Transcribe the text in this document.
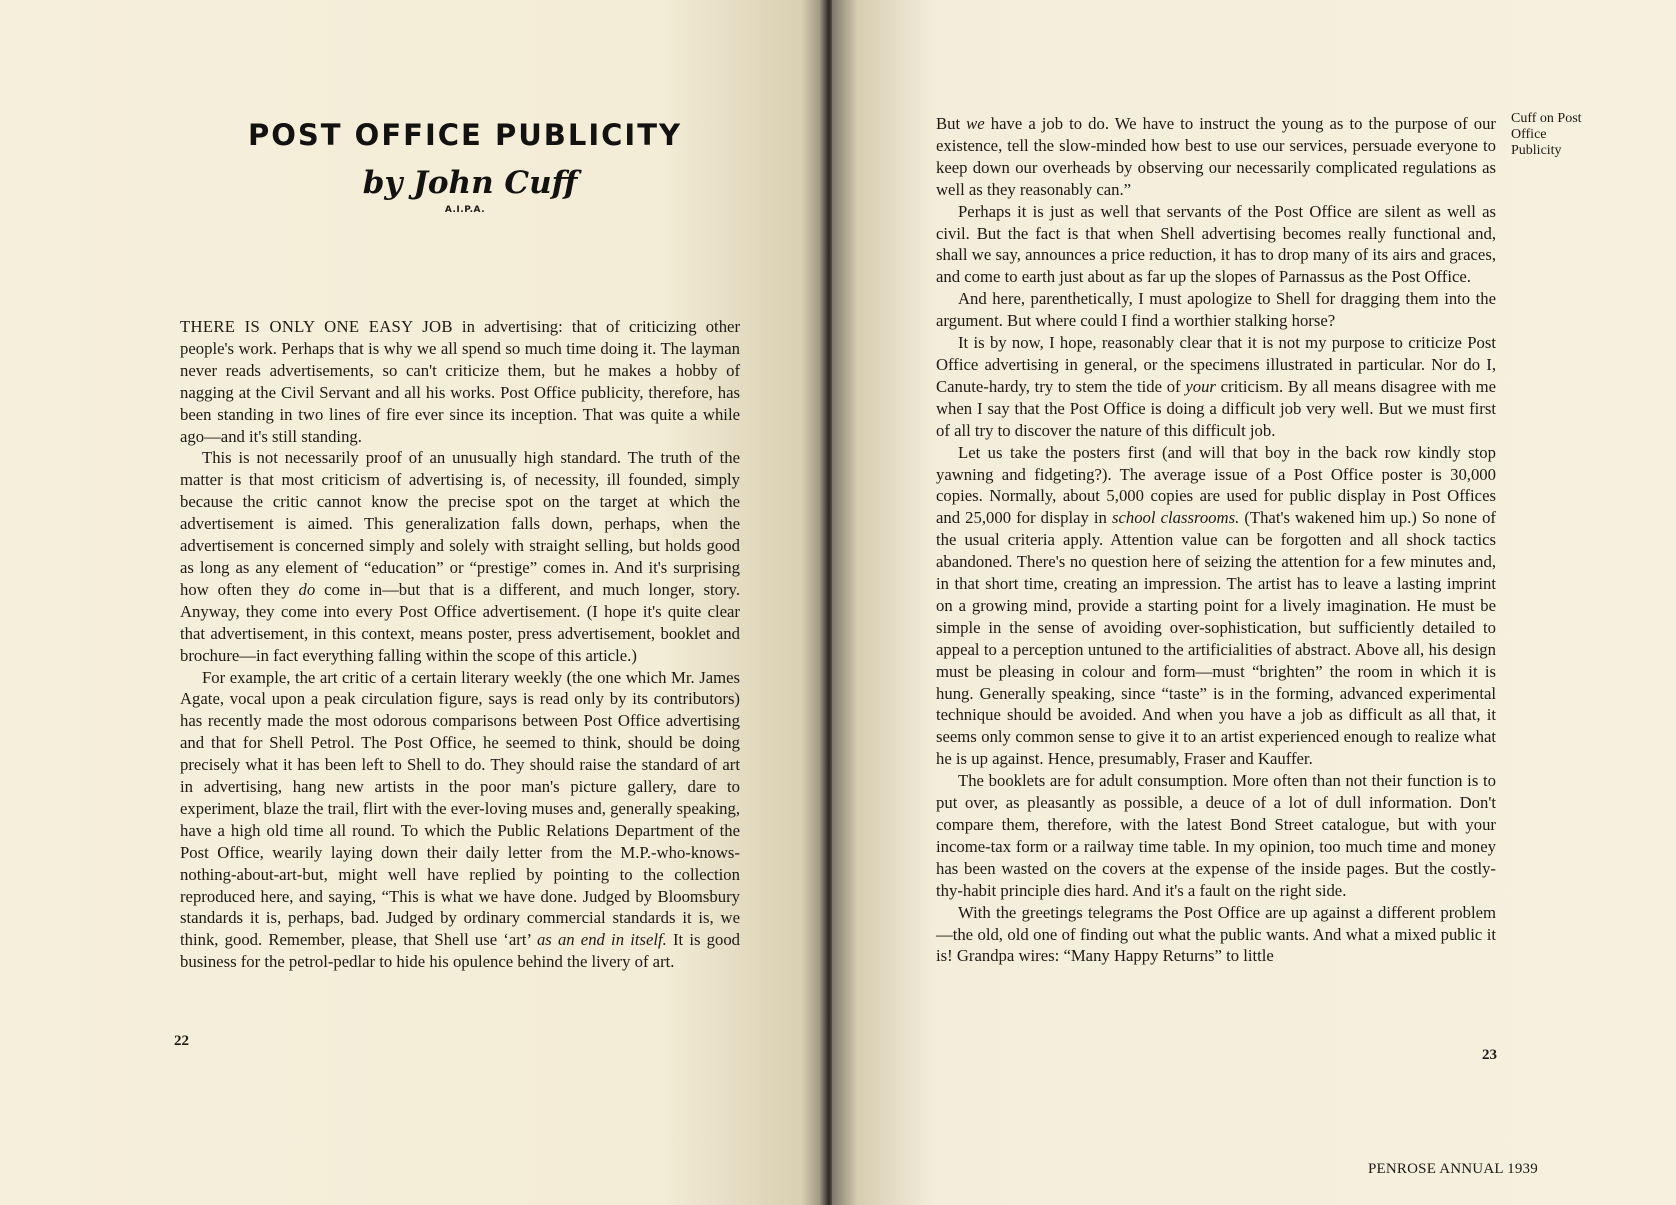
POST OFFICE PUBLICITY
by John Cuff
A.I.P.A.

THERE IS ONLY ONE EASY JOB in advertising: that of criticizing other people's work. Perhaps that is why we all spend so much time doing it. The layman never reads advertisements, so can't criticize them, but he makes a hobby of nagging at the Civil Servant and all his works. Post Office publicity, therefore, has been standing in two lines of fire ever since its inception. That was quite a while ago—and it's still standing.

This is not necessarily proof of an unusually high standard. The truth of the matter is that most criticism of advertising is, of necessity, ill founded, simply because the critic cannot know the precise spot on the target at which the advertisement is aimed. This generalization falls down, perhaps, when the advertisement is concerned simply and solely with straight selling, but holds good as long as any element of “education” or “prestige” comes in. And it's surprising how often they do come in—but that is a different, and much longer, story. Anyway, they come into every Post Office advertisement. (I hope it's quite clear that advertisement, in this context, means poster, press advertisement, booklet and brochure—in fact everything falling within the scope of this article.)

For example, the art critic of a certain literary weekly (the one which Mr. James Agate, vocal upon a peak circulation figure, says is read only by its contributors) has recently made the most odorous comparisons between Post Office advertising and that for Shell Petrol. The Post Office, he seemed to think, should be doing precisely what it has been left to Shell to do. They should raise the standard of art in advertising, hang new artists in the poor man's picture gallery, dare to experiment, blaze the trail, flirt with the ever-loving muses and, generally speaking, have a high old time all round. To which the Public Relations Department of the Post Office, wearily laying down their daily letter from the M.P.-who-knows-nothing-about-art-but, might well have replied by pointing to the collection reproduced here, and saying, “This is what we have done. Judged by Bloomsbury standards it is, perhaps, bad. Judged by ordinary commercial standards it is, we think, good. Remember, please, that Shell use ‘art’ as an end in itself. It is good business for the petrol-pedlar to hide his opulence behind the livery of art.

22
Cuff on Post Office Publicity

But we have a job to do. We have to instruct the young as to the purpose of our existence, tell the slow-minded how best to use our services, persuade everyone to keep down our overheads by observing our necessarily complicated regulations as well as they reasonably can.”

Perhaps it is just as well that servants of the Post Office are silent as well as civil. But the fact is that when Shell advertising becomes really functional and, shall we say, announces a price reduction, it has to drop many of its airs and graces, and come to earth just about as far up the slopes of Parnassus as the Post Office.

And here, parenthetically, I must apologize to Shell for dragging them into the argument. But where could I find a worthier stalking horse?

It is by now, I hope, reasonably clear that it is not my purpose to criticize Post Office advertising in general, or the specimens illustrated in particular. Nor do I, Canute-hardy, try to stem the tide of your criticism. By all means disagree with me when I say that the Post Office is doing a difficult job very well. But we must first of all try to discover the nature of this difficult job.

Let us take the posters first (and will that boy in the back row kindly stop yawning and fidgeting?). The average issue of a Post Office poster is 30,000 copies. Normally, about 5,000 copies are used for public display in Post Offices and 25,000 for display in school classrooms. (That's wakened him up.) So none of the usual criteria apply. Attention value can be forgotten and all shock tactics abandoned. There's no question here of seizing the attention for a few minutes and, in that short time, creating an impression. The artist has to leave a lasting imprint on a growing mind, provide a starting point for a lively imagination. He must be simple in the sense of avoiding over-sophistication, but sufficiently detailed to appeal to a perception untuned to the artificialities of abstract. Above all, his design must be pleasing in colour and form—must “brighten” the room in which it is hung. Generally speaking, since “taste” is in the forming, advanced experimental technique should be avoided. And when you have a job as difficult as all that, it seems only common sense to give it to an artist experienced enough to realize what he is up against. Hence, presumably, Fraser and Kauffer.

The booklets are for adult consumption. More often than not their function is to put over, as pleasantly as possible, a deuce of a lot of dull information. Don't compare them, therefore, with the latest Bond Street catalogue, but with your income-tax form or a railway time table. In my opinion, too much time and money has been wasted on the covers at the expense of the inside pages. But the costly-thy-habit principle dies hard. And it's a fault on the right side.

With the greetings telegrams the Post Office are up against a different problem—the old, old one of finding out what the public wants. And what a mixed public it is! Grandpa wires: “Many Happy Returns” to little

23
PENROSE ANNUAL 1939
